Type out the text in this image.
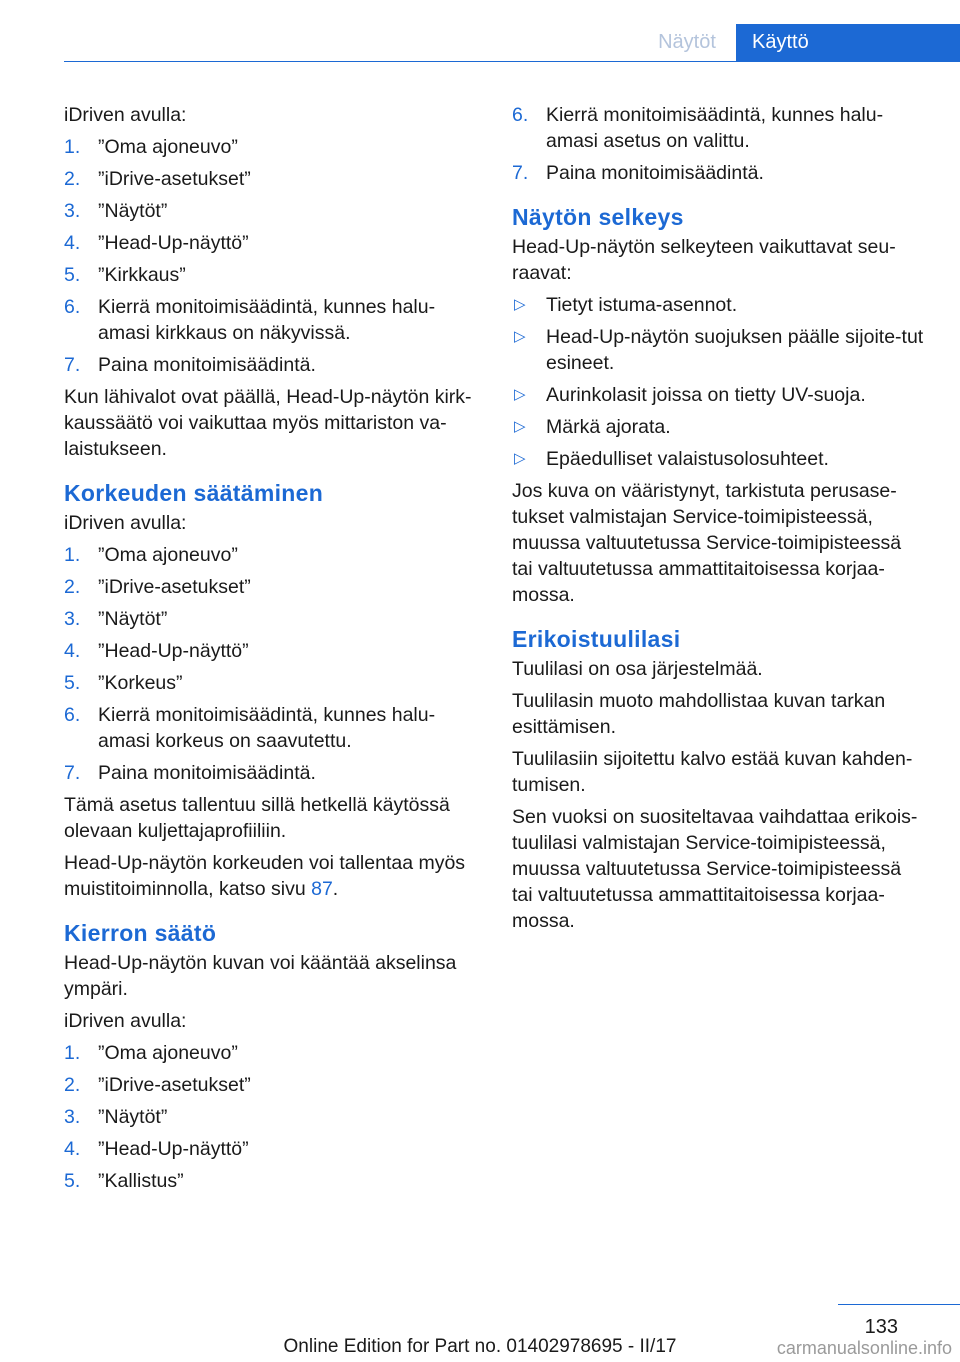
Näytöt	Käyttö

iDriven avulla:

1. ”Oma ajoneuvo”
2. ”iDrive-asetukset”
3. ”Näytöt”
4. ”Head-Up-näyttö”
5. ”Kirkkaus”
6. Kierrä monitoimisäädintä, kunnes halu‐amasi kirkkaus on näkyvissä.
7. Paina monitoimisäädintä.

Kun lähivalot ovat päällä, Head-Up-näytön kirk‐kaussäätö voi vaikuttaa myös mittariston va‐laistukseen.

Korkeuden säätäminen

iDriven avulla:

1. ”Oma ajoneuvo”
2. ”iDrive-asetukset”
3. ”Näytöt”
4. ”Head-Up-näyttö”
5. ”Korkeus”
6. Kierrä monitoimisäädintä, kunnes halu‐amasi korkeus on saavutettu.
7. Paina monitoimisäädintä.

Tämä asetus tallentuu sillä hetkellä käytössä olevaan kuljettajaprofiiliin.

Head-Up-näytön korkeuden voi tallentaa myös muistitoiminnolla, katso sivu 87.

Kierron säätö

Head-Up-näytön kuvan voi kääntää akselinsa ympäri.

iDriven avulla:

1. ”Oma ajoneuvo”
2. ”iDrive-asetukset”
3. ”Näytöt”
4. ”Head-Up-näyttö”
5. ”Kallistus”
6. Kierrä monitoimisäädintä, kunnes halu‐amasi asetus on valittu.
7. Paina monitoimisäädintä.
Näytön selkeys

Head-Up-näytön selkeyteen vaikuttavat seu‐raavat:

▷ Tietyt istuma-asennot.
▷ Head-Up-näytön suojuksen päälle sijoite‐tut esineet.
▷ Aurinkolasit joissa on tietty UV-suoja.
▷ Märkä ajorata.
▷ Epäedulliset valaistusolosuhteet.

Jos kuva on vääristynyt, tarkistuta perusase‐tukset valmistajan Service-toimipisteessä, muussa valtuutetussa Service-toimipisteessä tai valtuutetussa ammattitaitoisessa korjaa‐mossa.

Erikoistuulilasi

Tuulilasi on osa järjestelmää.

Tuulilasin muoto mahdollistaa kuvan tarkan esittämisen.

Tuulilasiin sijoitettu kalvo estää kuvan kahden‐tumisen.

Sen vuoksi on suositeltavaa vaihdattaa erikois‐tuulilasi valmistajan Service-toimipisteessä, muussa valtuutetussa Service-toimipisteessä tai valtuutetussa ammattitaitoisessa korjaa‐mossa.

133
Online Edition for Part no. 01402978695 - II/17	carmanualsonline.info
